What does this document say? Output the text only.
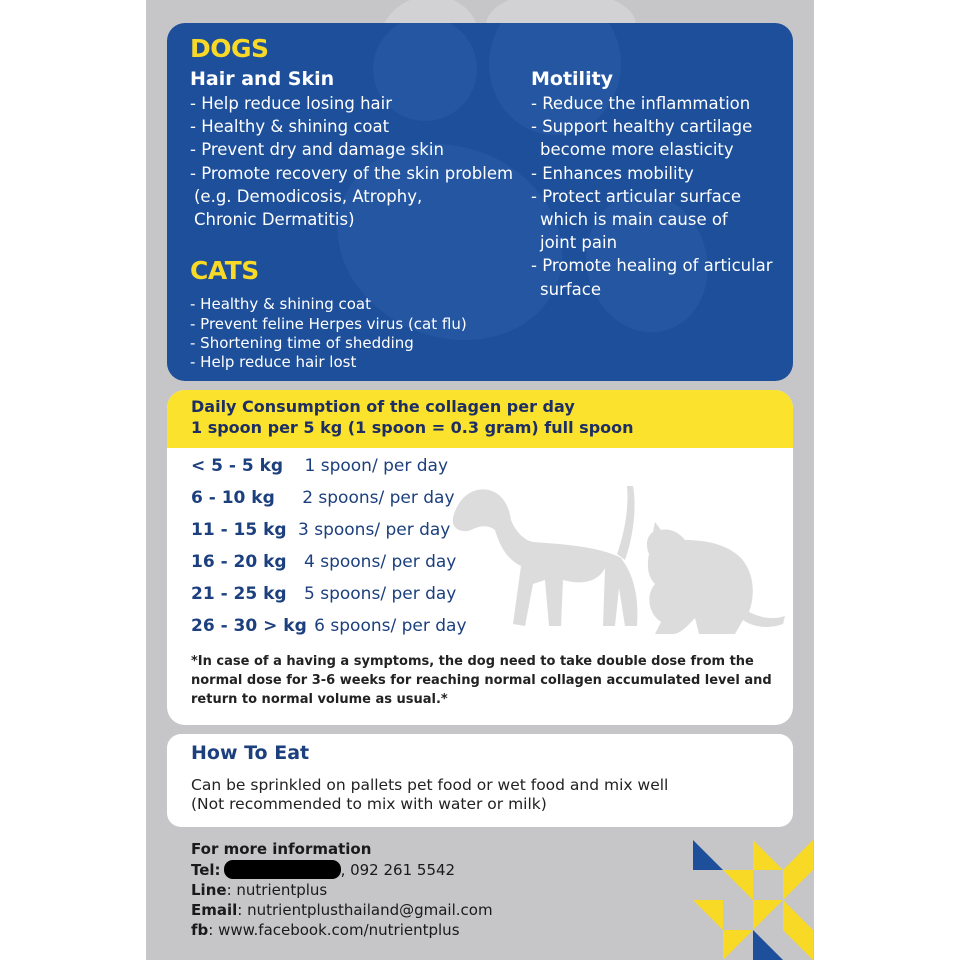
DOGS
Hair and Skin
- Help reduce losing hair
- Healthy & shining coat
- Prevent dry and damage skin
- Promote recovery of the skin problem
(e.g. Demodicosis, Atrophy,
Chronic Dermatitis)
CATS
- Healthy & shining coat
- Prevent feline Herpes virus (cat flu)
- Shortening time of shedding
- Help reduce hair lost
Motility
- Reduce the inflammation
- Support healthy cartilage
become more elasticity
- Enhances mobility
- Protect articular surface
which is main cause of
joint pain
- Promote healing of articular
surface
Daily Consumption of the collagen per day
1 spoon per 5 kg (1 spoon = 0.3 gram) full spoon
< 5 - 5 kg 1 spoon/ per day
6 - 10 kg 2 spoons/ per day
11 - 15 kg 3 spoons/ per day
16 - 20 kg 4 spoons/ per day
21 - 25 kg 5 spoons/ per day
26 - 30 > kg 6 spoons/ per day
*In case of a having a symptoms, the dog need to take double dose from the normal dose for 3-6 weeks for reaching normal collagen accumulated level and return to normal volume as usual.*
How To Eat
Can be sprinkled on pallets pet food or wet food and mix well
(Not recommended to mix with water or milk)
For more information
Tel:	, 092 261 5542
Line: nutrientplus
Email: nutrientplusthailand@gmail.com
fb: www.facebook.com/nutrientplus
